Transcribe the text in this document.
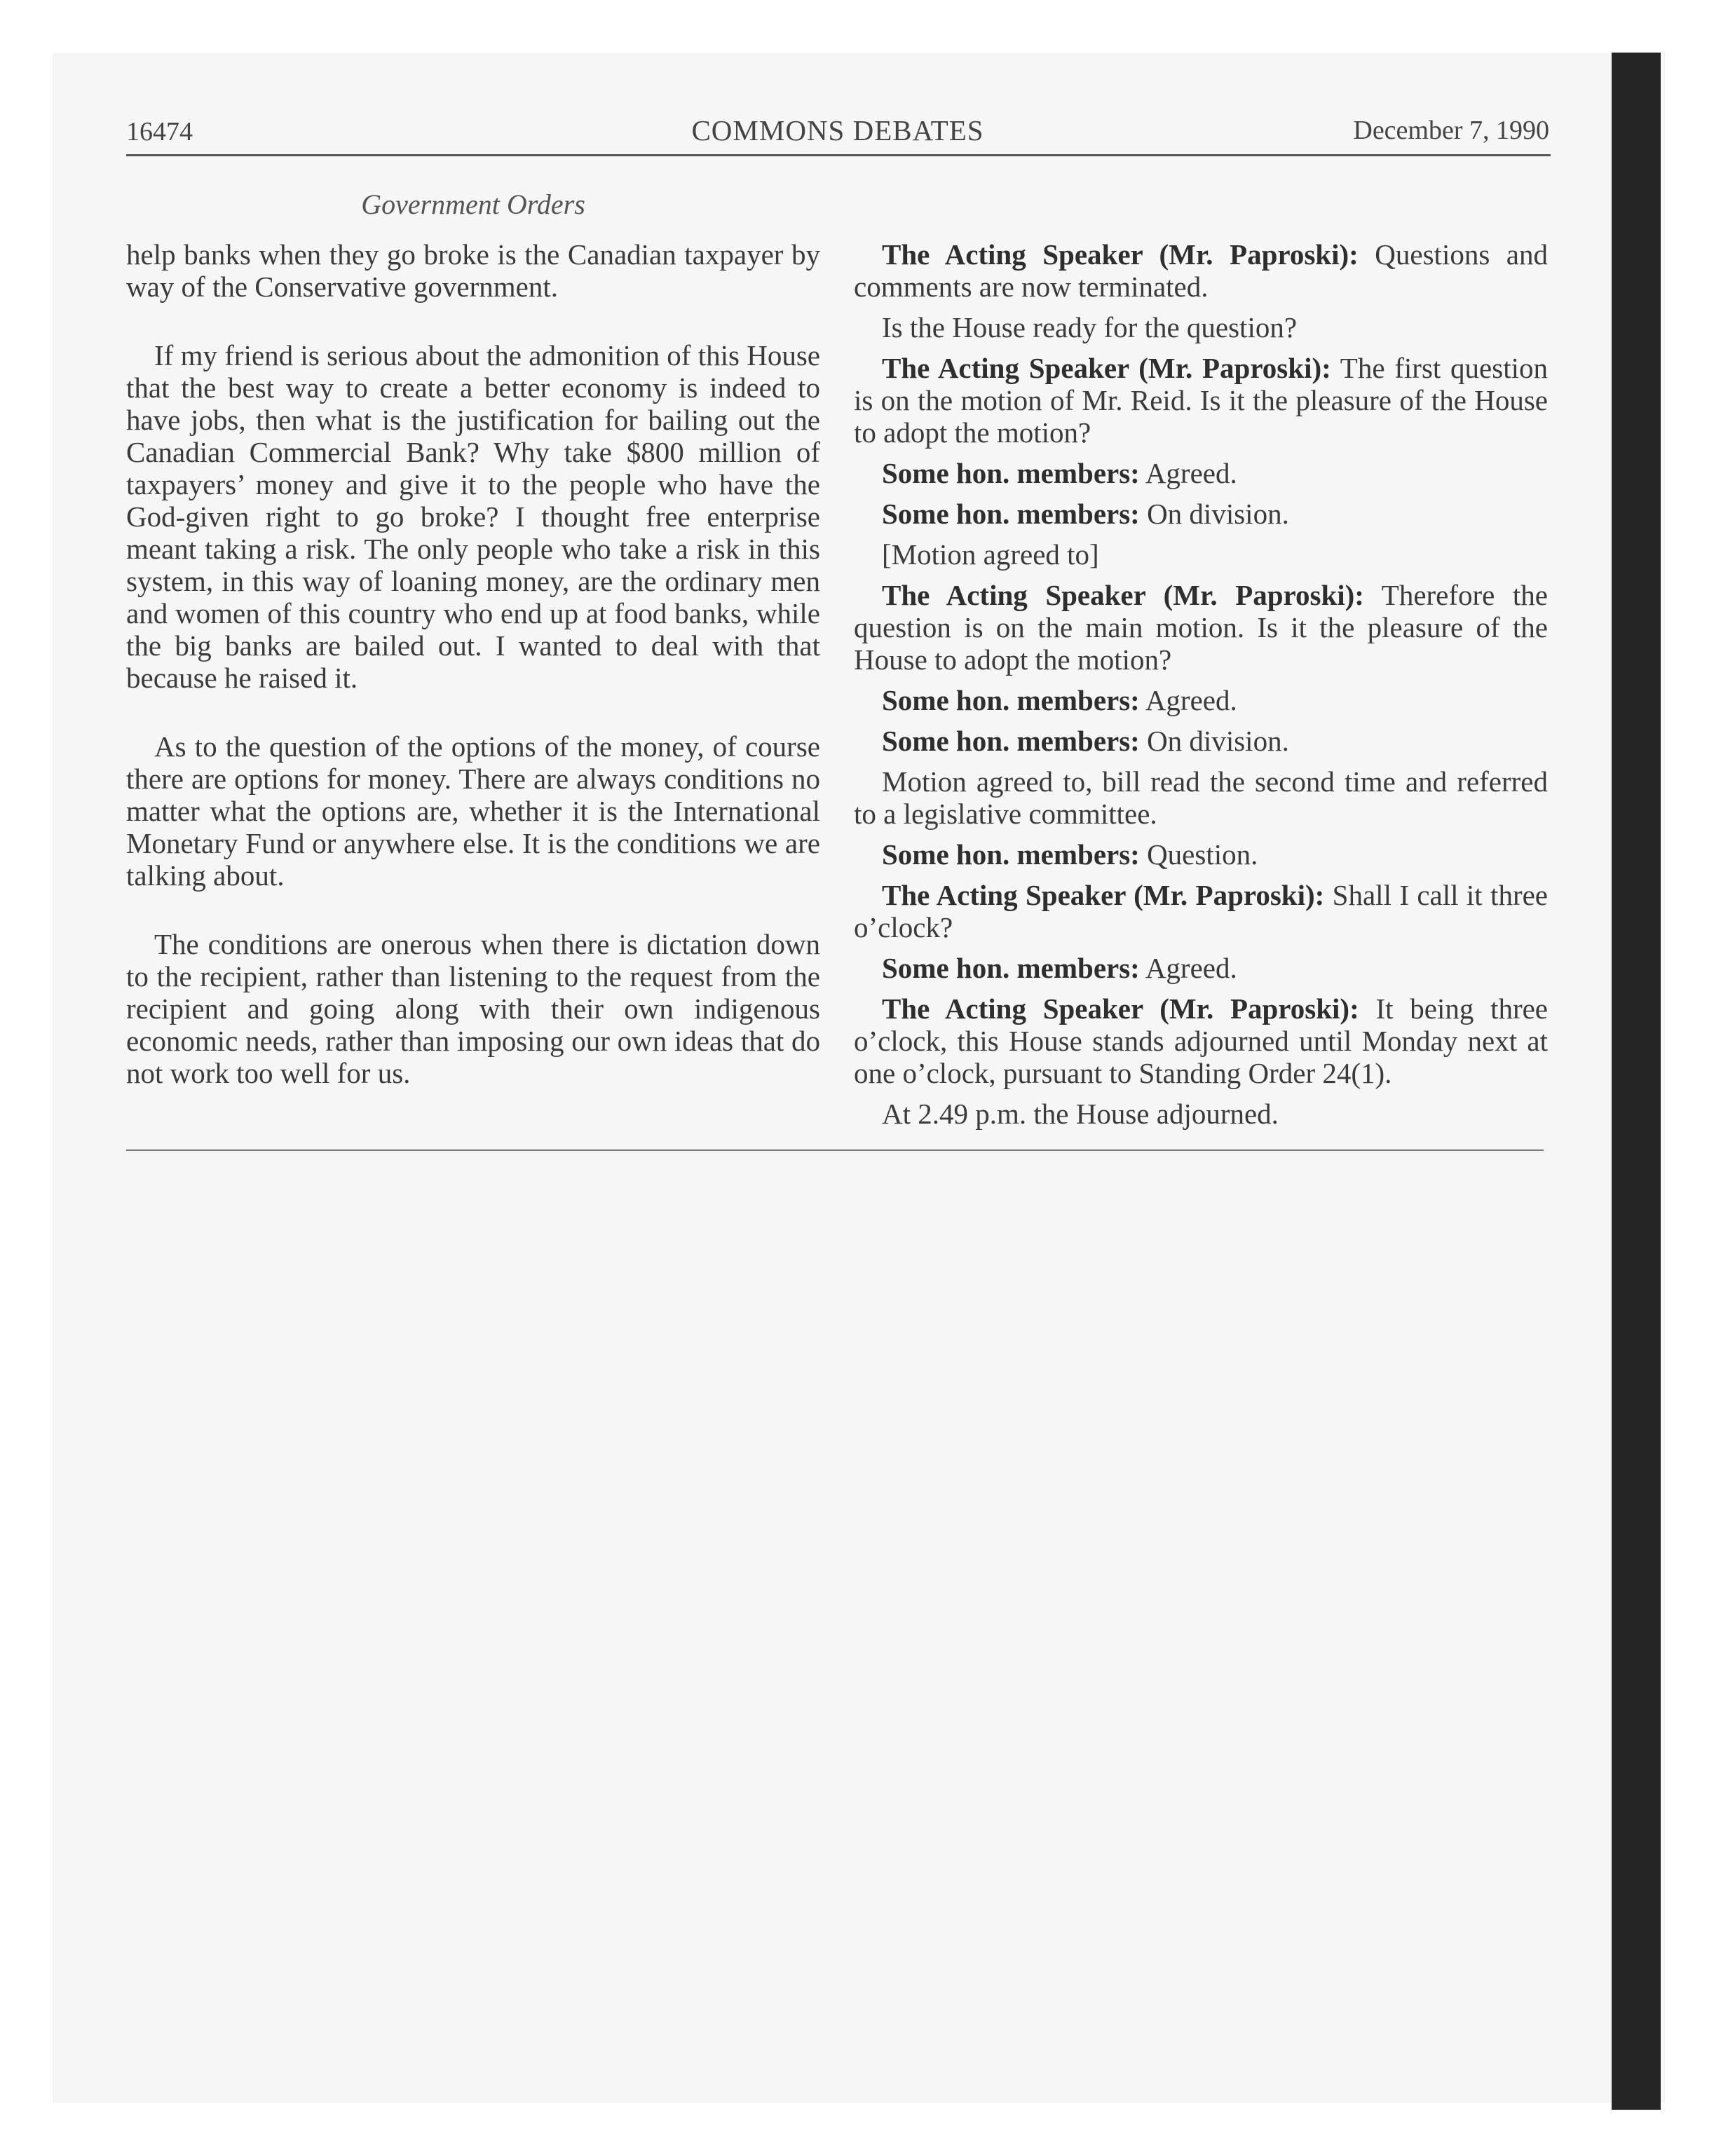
16474	COMMONS DEBATES	December 7, 1990
Government Orders

help banks when they go broke is the Canadian taxpayer by way of the Conservative government.

If my friend is serious about the admonition of this House that the best way to create a better economy is indeed to have jobs, then what is the justification for bailing out the Canadian Commercial Bank? Why take $800 million of taxpayers’ money and give it to the people who have the God-given right to go broke? I thought free enterprise meant taking a risk. The only people who take a risk in this system, in this way of loaning money, are the ordinary men and women of this country who end up at food banks, while the big banks are bailed out. I wanted to deal with that because he raised it.

As to the question of the options of the money, of course there are options for money. There are always conditions no matter what the options are, whether it is the International Monetary Fund or anywhere else. It is the conditions we are talking about.

The conditions are onerous when there is dictation down to the recipient, rather than listening to the request from the recipient and going along with their own indigenous economic needs, rather than imposing our own ideas that do not work too well for us.

The Acting Speaker (Mr. Paproski): Questions and comments are now terminated.

Is the House ready for the question?

The Acting Speaker (Mr. Paproski): The first question is on the motion of Mr. Reid. Is it the pleasure of the House to adopt the motion?

Some hon. members: Agreed.

Some hon. members: On division.

[Motion agreed to]

The Acting Speaker (Mr. Paproski): Therefore the question is on the main motion. Is it the pleasure of the House to adopt the motion?

Some hon. members: Agreed.

Some hon. members: On division.

Motion agreed to, bill read the second time and referred to a legislative committee.

Some hon. members: Question.

The Acting Speaker (Mr. Paproski): Shall I call it three o’clock?

Some hon. members: Agreed.

The Acting Speaker (Mr. Paproski): It being three o’clock, this House stands adjourned until Monday next at one o’clock, pursuant to Standing Order 24(1).

At 2.49 p.m. the House adjourned.
